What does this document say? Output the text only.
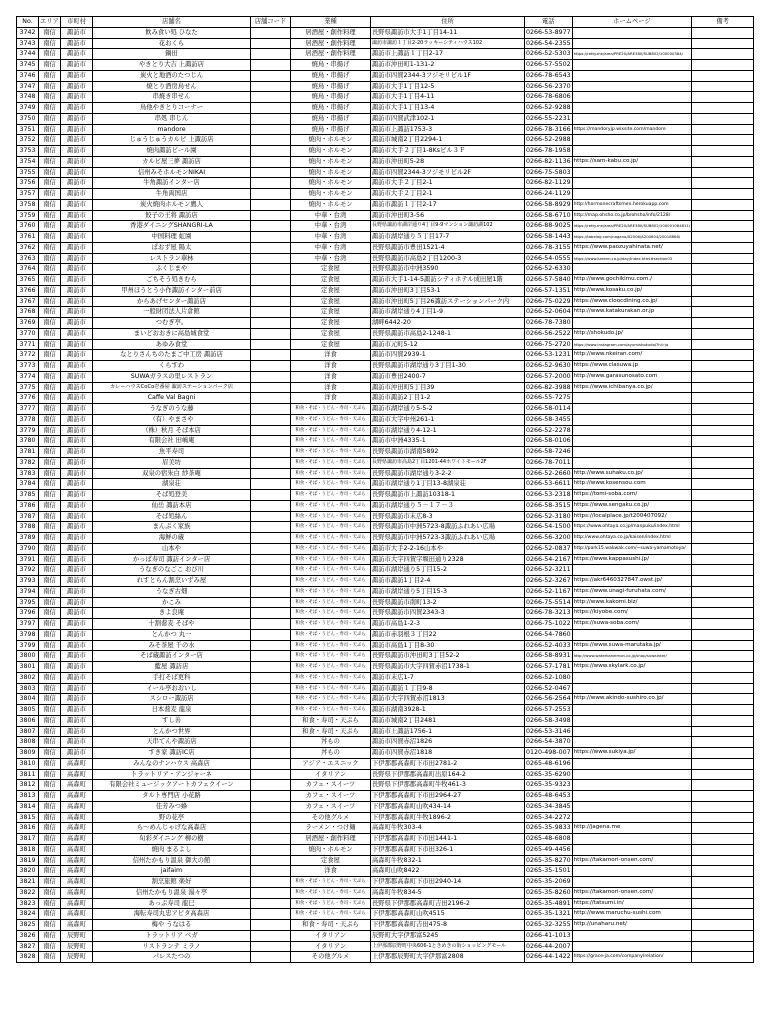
No.	エリア	市町村	店舗名	店舗コード	業種	住所	電話	ホームページ	備考
3742	南信	諏訪市	飲み食い処 ひなた		居酒屋・創作料理	長野県諏訪市大手1丁目14-11	0266-53-8977		
3743	南信	諏訪市	花おくら		居酒屋・創作料理	諏訪市諏訪１丁目2-20ラッキーシティハウス102	0266-54-2355		
3744	南信	諏訪市	鍋田		居酒屋・創作料理	諏訪市上諏訪１丁目2-17	0266-52-5303	https://retty.me/area/PRE20/ARE380/SUB802/100000384/	
3745	南信	諏訪市	やきとり大吉 上諏訪店		焼鳥・串揚げ	諏訪市沖田町1-131-2	0266-57-5502		
3746	南信	諏訪市	炭火と地酒のたつじん		焼鳥・串揚げ	諏訪市四賀2344-3フジモリビル1F	0266-78-6543		
3747	南信	諏訪市	焼とり酒房鳥せん		焼鳥・串揚げ	諏訪市大手1丁目12-5	0266-56-2370		
3748	南信	諏訪市	串焼き串せん		焼鳥・串揚げ	諏訪市大手1丁目4-11	0266-78-6806		
3749	南信	諏訪市	鳥他やきとりコーナー		焼鳥・串揚げ	諏訪市大手1丁目13-4	0266-52-9288		
3750	南信	諏訪市	串処 串じん		焼鳥・串揚げ	諏訪市四賀武津102-1	0266-55-2231		
3751	南信	諏訪市	mandore		焼鳥・串揚げ	諏訪市上諏訪1753-3	0266-78-3166	https://mandoryjp.wixsite.com/mandore	
3752	南信	諏訪市	じゅうじゅうカルビ 上諏訪店		焼肉・ホルモン	諏訪市城南2丁目2294-1	0266-52-2988		
3753	南信	諏訪市	焼肉諏訪ビール園		焼肉・ホルモン	諏訪市大手２丁目1-8Ksビル３Ｆ	0266-78-1958		
3754	南信	諏訪市	カルビ屋三夢 諏訪店		焼肉・ホルモン	諏訪市沖田町5-28	0266-82-1136	https://sam-kabu.co.jp/	
3755	南信	諏訪市	信州みそホルモンNIKAI		焼肉・ホルモン	諏訪市四賀2344-3フジモリビル2F	0266-75-5803		
3756	南信	諏訪市	牛角諏訪インター店		焼肉・ホルモン	諏訪市大手２丁目2-1	0266-82-1129		
3757	南信	諏訪市	牛角両国店		焼肉・ホルモン	諏訪市大手２丁目2-1	0266-24-1129		
3758	南信	諏訪市	炭火焼肉ホルモン鷹人		焼肉・ホルモン	諏訪市諏訪１丁目2-17	0266-58-8929	http://hormonecraftsmen.herokuapp.com	
3759	南信	諏訪市	餃子の王将 諏訪店		中華・台湾	諏訪市沖田町3-56	0266-58-6710	http://map.ohsho.co.jp/b/ohsho/info/2128/	
3760	南信	諏訪市	香港ダイニングSHANGRI-LA		中華・台湾	長野県諏訪市湖岸通り4丁目9-9マンション諏訪湖102	0266-88-9025	https://retty.me/area/PRE20/ARE380/SUB802/100001084811/	
3761	南信	諏訪市	中国料理 虹園		中華・台湾	諏訪市湖岸通り５丁目17-7	0266-58-1443	https://tabelog.com/nagano/A2006/A200604/20018868/	
3762	南信	諏訪市	ぱおず屋 陽太		中華・台湾	長野県諏訪市豊田1521-4	0266-78-3155	https://www.paozuyahinata.net/	
3763	南信	諏訪市	レストラン華林		中華・台湾	長野県諏訪市高島2丁目1200-3	0266-54-0555	https://www.karenn.co.jp/day/index.html#section03	
3764	南信	諏訪市	ふくじまや		定食屋	長野県諏訪市中洲3590	0266-52-6330		
3765	南信	諏訪市	ごちそう処きむら		定食屋	諏訪市大手1-14-5諏訪シティホテル成田屋1階	0266-57-5840	http://www.gochikimu.com./	
3766	南信	諏訪市	甲州ほうとう小作諏訪インター前店		定食屋	諏訪市沖田町3丁目53-1	0266-57-1351	http://www.kosaku.co.jp/	
3767	南信	諏訪市	からあげセンター諏訪店		定食屋	諏訪市沖田町5丁目26諏訪ステーションパーク内	0266-75-0229	https://www.cloocdining.co.jp/	
3768	南信	諏訪市	一般財団法人片倉館		定食屋	諏訪市湖岸通り4丁目1-9	0266-52-0604	http://www.katakurakan.or.jp	
3769	南信	諏訪市	つむぎ亭。		定食屋	湖畔6442-20	0266-78-7380		
3770	南信	諏訪市	まいどおおきに高島城食堂		定食屋	長野県諏訪市高島2-1248-1	0266-56-2522	http://shokudo.jp/	
3771	南信	諏訪市	あゆみ食堂		定食屋	諏訪市元町5-12	0266-75-2720	https://www.instagram.com/ayumishokudo/?hl=ja	
3772	南信	諏訪市	なとりさんちのたまご中工房 諏訪店		洋食	諏訪市四賀2939-1	0266-53-1231	http://www.nkeiran.com/	
3773	南信	諏訪市	くらすわ		洋食	長野県諏訪市湖岸通り3丁目1-30	0266-52-9630	https://www.clasuwa.jp	
3774	南信	諏訪市	SUWAガラスの里レストラン		洋食	諏訪市豊田2400-7	0266-57-2000	http://www.garasunosato.com	
3775	南信	諏訪市	カレーハウスCoCo壱番屋 諏訪ステーションパーク店		洋食	諏訪市沖田町5丁目39	0266-82-3988	https://www.ichibanya.co.jp/	
3776	南信	諏訪市	Caffe Val Bagni		洋食	諏訪市諏訪2丁目1-2	0266-55-7275		
3777	南信	諏訪市	うなぎのうな藤		和食・そば・うどん・寿司・天ぷら	諏訪市湖岸通り5-5-2	0266-58-0114		
3778	南信	諏訪市	（有）やまさや		和食・そば・うどん・寿司・天ぷら	諏訪市大字中州261-1	0266-58-3455		
3779	南信	諏訪市	（株）秋月 そば本店		和食・そば・うどん・寿司・天ぷら	諏訪市湖岸通り4-12-1	0266-52-2278		
3780	南信	諏訪市	有限会社 田嶋庵		和食・そば・うどん・寿司・天ぷら	諏訪市中洲4335-1	0266-58-0106		
3781	南信	諏訪市	魚平寿司		和食・そば・うどん・寿司・天ぷら	長野県諏訪市湖南5892	0266-58-7246		
3782	南信	諏訪市	眉美坊		和食・そば・うどん・寿司・天ぷら	長野県諏訪市高島2丁目1201-44ホワイトモール2F	0266-78-7011		
3783	南信	諏訪市	双泉の宿朱白 紗茶庵		和食・そば・うどん・寿司・天ぷら	長野県諏訪市湖岸通り3-2-2	0266-52-2660	http://www.suhaku.co.jp/	
3784	南信	諏訪市	湖泉荘		和食・そば・うどん・寿司・天ぷら	諏訪市湖岸通り1丁目13-8湖泉荘	0266-53-6611	http://www.kosensou.com	
3785	南信	諏訪市	そば処登美		和食・そば・うどん・寿司・天ぷら	長野県諏訪市上諏訪10318-1	0266-53-2318	https://tomi-soba.com/	
3786	南信	諏訪市	仙岳 諏訪本店		和食・そば・うどん・寿司・天ぷら	諏訪市湖岸通り５－１７－３	0266-58-3515	https://www.sengaku.co.jp/	
3787	南信	諏訪市	そば処絲ん		和食・そば・うどん・寿司・天ぷら	長野県諏訪市末広8-3	0266-52-3180	https://localplace.jp/t200407092/	
3788	南信	諏訪市	まんぷく家族		和食・そば・うどん・寿司・天ぷら	長野県諏訪市中洲5723-8諏訪ふれあい広場	0266-54-1500	https://www.ohtaya.co.jp/manpuku/index.html	
3789	南信	諏訪市	海鮮の蔵		和食・そば・うどん・寿司・天ぷら	長野県諏訪市中洲5723-3諏訪ふれあい広場	0266-56-3200	http://www.ohtaya.co.jp/kaisen/index.html	
3790	南信	諏訪市	山本や		和食・そば・うどん・寿司・天ぷら	諏訪市大手2-2-16山本や	0266-52-0837	http://park15.wakwak.com/~suwa-yamamotoya/	
3791	南信	諏訪市	かっぱ寿司 諏訪インター店		和食・そば・うどん・寿司・天ぷら	諏訪市大字四賀字堰田通り2328	0266-54-2167	https://www.kappasushi.jp/	
3792	南信	諏訪市	うなぎのなごこ おび川		和食・そば・うどん・寿司・天ぷら	諏訪市湖岸通り5丁目15-2	0266-52-3211		
3793	南信	諏訪市	れすとらん割烹いずみ屋		和食・そば・うどん・寿司・天ぷら	諏訪市諏訪1丁目2-4	0266-52-3267	https://akr6460327847.owst.jp/	
3794	南信	諏訪市	うなぎ古畑		和食・そば・うどん・寿司・天ぷら	諏訪市湖岸通り5丁目15-3	0266-52-1167	https://www.unagi-furuhata.com/	
3795	南信	諏訪市	かこみ		和食・そば・うどん・寿司・天ぷら	長野県諏訪市南町13-2	0266-75-5514	http://www.kakomi.biz/	
3796	南信	諏訪市	きよ良庵		和食・そば・うどん・寿司・天ぷら	長野県諏訪市四賀2343-3	0266-78-3213	https://kiyobe.com/	
3797	南信	諏訪市	十割蕎麦 そばや		和食・そば・うどん・寿司・天ぷら	諏訪市高島1-2-3	0266-75-1022	https://suwa-soba.com/	
3798	南信	諏訪市	とんかつ 丸一		和食・そば・うどん・寿司・天ぷら	諏訪市赤羽根３丁目22	0266-54-7860		
3799	南信	諏訪市	みそ茶屋 千の水		和食・そば・うどん・寿司・天ぷら	諏訪市高島1丁目8-30	0266-52-4033	https://www.suwa-marutaka.jp/	
3800	南信	諏訪市	そば蔵諏訪インター店		和食・そば・うどん・寿司・天ぷら	長野県諏訪市沖田町3丁目52-2	0266-58-8931	http://www.waterkaneimon.co.jp/shop/suwainter/	
3801	南信	諏訪市	藍屋 諏訪店		和食・そば・うどん・寿司・天ぷら	長野県諏訪市大字四賀赤沼1738-1	0266-57-1781	https://www.skylark.co.jp/	
3802	南信	諏訪市	手打そば更科		和食・そば・うどん・寿司・天ぷら	諏訪市末広1-7	0266-52-1080		
3803	南信	諏訪市	イール亭おおいし		和食・そば・うどん・寿司・天ぷら	諏訪市諏訪１丁目9-8	0266-52-0467		
3804	南信	諏訪市	スシロー諏訪店		和食・そば・うどん・寿司・天ぷら	諏訪市大字四賀赤沼1813	0266-56-2564	http://www.akindo-sushiro.co.jp/	
3805	南信	諏訪市	日本蕎麦 龍泉		和食・そば・うどん・寿司・天ぷら	諏訪市湖南3928-1	0266-57-2553		
3806	南信	諏訪市	すし善		和食・寿司・天ぷら	諏訪市城南2丁目2481	0266-58-3498		
3807	南信	諏訪市	とんかつ世界		和食・寿司・天ぷら	諏訪市上諏訪1756-1	0266-53-3146		
3808	南信	諏訪市	天串てんや諏訪店		丼もの	諏訪市四賀赤沼1826	0266-54-3870		
3809	南信	諏訪市	すき家 諏訪IC店		丼もの	諏訪市四賀赤沼1818	0120-498-007	https://www.sukiya.jp/	
3810	南信	高森町	みんなのナンハウス 高森店		アジア・エスニック	下伊那郡高森町下市田2781-2	0265-48-6196		
3811	南信	高森町	トラットリア・アンジャーネ		イタリアン	長野県下伊那郡高森町出原164-2	0265-35-6290		
3812	南信	高森町	有限会社ミュージックアートカフェクイーン		カフェ・スイーツ	長野県下伊那郡高森町牛牧461-3	0265-35-9323		
3813	南信	高森町	タルト専門店 小花路		カフェ・スイーツ	下伊那郡高森町下市田2964-27	0265-48-6453		
3814	南信	高森町	佳芳みつ蜂		カフェ・スイーツ	下伊那郡高森町山吹434-14	0265-34-3845		
3815	南信	高森町	野の花亭		その他グルメ	下伊那郡高森町牛牧1896-2	0265-34-2272		
3816	南信	高森町	ら～めんじゃげな高森店		ラーメン・つけ麺	高森町牛牧303-4	0265-35-9833	http://jagena.me	
3817	南信	高森町	旬彩ダイニング 柳の樹		居酒屋・創作料理	下伊那郡高森町下市田1441-1	0265-48-6808		
3818	南信	高森町	焼肉 まるよし		焼肉・ホルモン	下伊那郡高森町下市田326-1	0265-49-4456		
3819	南信	高森町	信州たかもり温泉 御大の館		定食屋	高森町牛牧832-1	0265-35-8270	https://takamori-onsen.com/	
3820	南信	高森町	jaifaim		洋食	高森町山吹8422	0265-35-1501		
3821	南信	高森町	割烹旅館 楽好		和食・そば・うどん・寿司・天ぷら	下伊那郡高森町下市田2940-14	0265-35-2069		
3822	南信	高森町	信州たかもり温泉 湯々亭		和食・そば・うどん・寿司・天ぷら	高森町牛牧834-5	0265-35-8260	https://takamori-onsen.com/	
3823	南信	高森町	あっぷ寿司 龍巳		和食・そば・うどん・寿司・天ぷら	長野県下伊那郡高森町吉田2196-2	0265-35-4891	https://tatsumi.in/	
3824	南信	高森町	海転寿司丸忠アピタ高森店		和食・そば・うどん・寿司・天ぷら	下伊那郡高森町山吹4515	0265-35-1321	http://www.maruchu-sushi.com	
3825	南信	高森町	梅や うなはる		和食・寿司・天ぷら	下伊那郡高森町吉田475-8	0265-32-3255	http://unaharu.net/	
3826	南信	辰野町	トラットリア ベガ		イタリアン	辰野町大字伊那富5245	0266-41-1013		
3827	南信	辰野町	リストランテ ミラノ		イタリアン	上伊那郡辰野町中央606-1ときめきの街ショッピングモール	0266-44-2007		
3828	南信	辰野町	パレスたつの		その他グルメ	上伊那郡辰野町大字伊那富2808	0266-44-1422	https://grace-ja.com/company/relation/	
